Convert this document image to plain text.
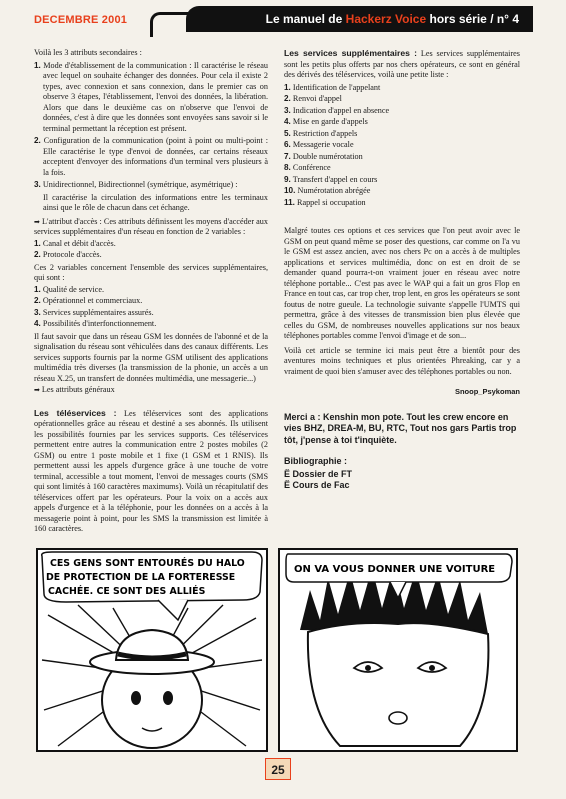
DECEMBRE 2001	Le manuel de Hackerz Voice hors série / n° 4

Voilà les 3 attributs secondaires :

1. Mode d'établissement de la communication : Il caractérise le réseau avec lequel on souhaite échanger des données. Pour cela il existe 2 types, avec connexion et sans connexion, dans le premier cas on observe 3 étapes, l'établissement, l'envoi des données, la libération. Alors que dans le deuxième cas on n'observe que l'envoi de données, c'est à dire que les données sont envoyées sans savoir si le terminal permettant la réception est présent.
2. Configuration de la communication (point à point ou multi-point : Elle caractérise le type d'envoi de données, car certains réseaux acceptent d'envoyer des informations d'un terminal vers plusieurs à la fois.
3. Unidirectionnel, Bidirectionnel (symétrique, asymétrique) :
Il caractérise la circulation des informations entre les terminaux ainsi que le rôle de chacun dans cet échange.

➡ L'attribut d'accès : Ces attributs définissent les moyens d'accéder aux services supplémentaires d'un réseau en fonction de 2 variables :

1. Canal et débit d'accès.
2. Protocole d'accès.

Ces 2 variables concernent l'ensemble des services supplémentaires, qui sont :

1. Qualité de service.
2. Opérationnel et commerciaux.
3. Services supplémentaires assurés.
4. Possibilités d'interfonctionnement.

Il faut savoir que dans un réseau GSM les données de l'abonné et de la signalisation du réseau sont véhiculées dans des canaux différents. Les services supports fournis par la norme GSM utilisent des applications multimédia très diverses (la transmission de la phonie, un accès a un réseau X.25, un transfert de données multimédia, une messagerie...)

➡ Les attributs généraux

Les téléservices : Les téléservices sont des applications opérationnelles grâce au réseau et destiné a ses abonnés. Ils utilisent les possibilités fournies par les services supports. Ces téléservices permettent entre autres la communication entre 2 postes mobiles (2 GSM) ou entre 1 poste mobile et 1 fixe (1 GSM et 1 RNIS). Ils permettent aussi les appels d'urgence grâce à une touche de votre terminal, accessible a tout moment, l'envoi de messages courts (SMS qui sont limités à 160 caractères maximums). Voilà un récapitulatif des téléservices offert par les opérateurs. Pour la voix on a accès aux appels d'urgence et à la téléphonie, pour les données on a accès à la messagerie point à point, pour les SMS la transmission est limitée à 160 caractères.

Les services supplémentaires : Les services supplémentaires sont les petits plus offerts par nos chers opérateurs, ce sont en général des dérivés des téléservices, voilà une petite liste :

1. Identification de l'appelant
2. Renvoi d'appel
3. Indication d'appel en absence
4. Mise en garde d'appels
5. Restriction d'appels
6. Messagerie vocale
7. Double numérotation
8. Conférence
9. Transfert d'appel en cours
10. Numérotation abrégée
11. Rappel si occupation

Malgré toutes ces options et ces services que l'on peut avoir avec le GSM on peut quand même se poser des questions, car comme on l'a vu le GSM est assez ancien, avec nos chers Pc on a accès à de multiples applications et services multimédia, donc on est en droit de se demander quand pourra-t-on vraiment jouer en réseau avec notre téléphone portable... C'est pas avec le WAP qui a fait un gros Flop en France en tout cas, car trop cher, trop lent, en gros les opérateurs se sont foutus de notre gueule. La technologie suivante s'appelle l'UMTS qui permettra, grâce à des vitesses de transmission bien plus élevée que celles du GSM, de nombreuses nouvelles applications sur nos beaux téléphones portables comme l'envoi d'image et de son...

Voilà cet article se termine ici mais peut être a bientôt pour des aventures moins techniques et plus orientées Phreaking, car y a vraiment de quoi bien s'amuser avec des téléphones portables ou non.

Snoop_Psykoman
Merci a : Kenshin mon pote. Tout les crew encore en vies BHZ, DREA-M, BU, RTC, Tout nos gars Partis trop tôt, j'pense à toi t'inquiète.
Bibliographie :
Ë Dossier de FT
Ë Cours de Fac
CES GENS SONT ENTOURÉS DU HALO
DE PROTECTION DE LA FORTERESSE
CACHÉE. CE SONT DES ALLIÉS
ON VA VOUS DONNER UNE VOITURE
25
